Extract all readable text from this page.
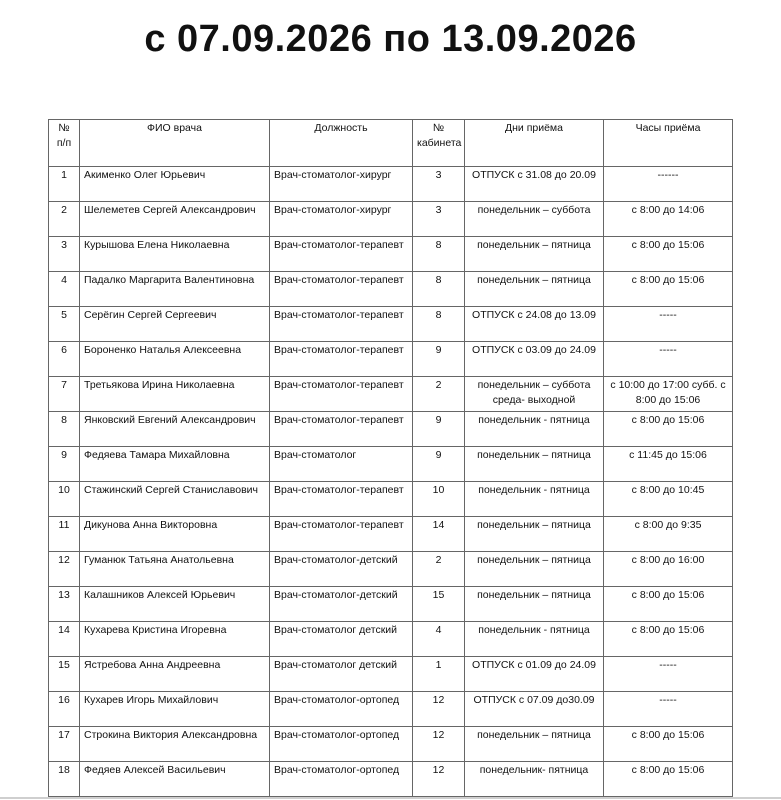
с 07.09.2026 по 13.09.2026
№ п/п	ФИО врача	Должность	№ кабинета	Дни приёма	Часы приёма
1	Акименко Олег Юрьевич	Врач-стоматолог-хирург	3	ОТПУСК с 31.08 до 20.09	------
2	Шелеметев Сергей Александрович	Врач-стоматолог-хирург	3	понедельник – суббота	с 8:00 до 14:06
3	Курышова Елена Николаевна	Врач-стоматолог-терапевт	8	понедельник – пятница	с 8:00 до 15:06
4	Падалко Маргарита Валентиновна	Врач-стоматолог-терапевт	8	понедельник – пятница	с 8:00 до 15:06
5	Серёгин Сергей Сергеевич	Врач-стоматолог-терапевт	8	ОТПУСК с 24.08 до 13.09	-----
6	Бороненко Наталья Алексеевна	Врач-стоматолог-терапевт	9	ОТПУСК с 03.09 до 24.09	-----
7	Третьякова Ирина Николаевна	Врач-стоматолог-терапевт	2	понедельник – суббота среда- выходной	с 10:00 до 17:00 субб. с 8:00 до 15:06
8	Янковский Евгений Александрович	Врач-стоматолог-терапевт	9	понедельник - пятница	с 8:00 до 15:06
9	Федяева Тамара Михайловна	Врач-стоматолог	9	понедельник – пятница	с 11:45 до 15:06
10	Стажинский Сергей Станиславович	Врач-стоматолог-терапевт	10	понедельник - пятница	с 8:00 до 10:45
11	Дикунова Анна Викторовна	Врач-стоматолог-терапевт	14	понедельник – пятница	с 8:00 до 9:35
12	Гуманюк Татьяна Анатольевна	Врач-стоматолог-детский	2	понедельник – пятница	с 8:00 до 16:00
13	Калашников Алексей Юрьевич	Врач-стоматолог-детский	15	понедельник – пятница	с 8:00 до 15:06
14	Кухарева Кристина Игоревна	Врач-стоматолог детский	4	понедельник - пятница	с 8:00 до 15:06
15	Ястребова Анна Андреевна	Врач-стоматолог детский	1	ОТПУСК с 01.09 до 24.09	-----
16	Кухарев Игорь Михайлович	Врач-стоматолог-ортопед	12	ОТПУСК с 07.09 до30.09	-----
17	Строкина Виктория Александровна	Врач-стоматолог-ортопед	12	понедельник – пятница	с 8:00 до 15:06
18	Федяев Алексей Васильевич	Врач-стоматолог-ортопед	12	понедельник- пятница	с 8:00 до 15:06
